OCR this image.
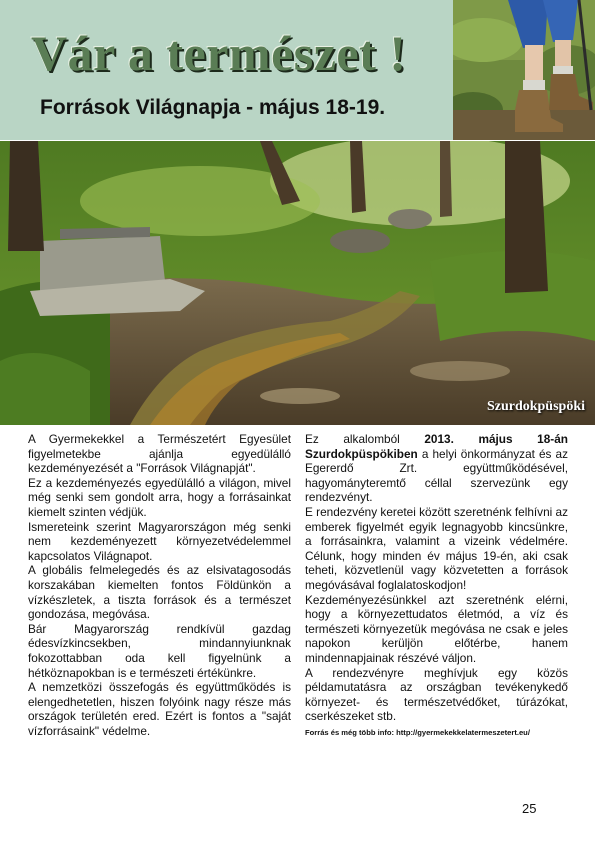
Vár a természet !
Források Világnapja - május 18-19.

Szurdokpüspöki

A Gyermekekkel a Természetért Egyesület figyelmetekbe ajánlja egyedülálló kezdeményezését a "Források Világnapját".

Ez a kezdeményezés egyedülálló a világon, mivel még senki sem gondolt arra, hogy a forrásainkat kiemelt szinten védjük.

Ismereteink szerint Magyarországon még senki nem kezdeményezett környezetvédelemmel kapcsolatos Világnapot.

A globális felmelegedés és az elsivatagosodás korszakában kiemelten fontos Földünkön a vízkészletek, a tiszta források és a természet gondozása, megóvása.

Bár Magyarország rendkívül gazdag édesvízkincsekben, mindannyiunknak fokozottabban oda kell figyelnünk a hétköznapokban is e természeti értékünkre.

A nemzetközi összefogás és együttműködés is elengedhetetlen, hiszen folyóink nagy része más országok területén ered. Ezért is fontos a "saját vízforrásaink" védelme.

Ez alkalomból 2013. május 18-án Szurdokpüspökiben a helyi önkormányzat és az Egererdő Zrt. együttműködésével, hagyományteremtő céllal szervezünk egy rendezvényt.

E rendezvény keretei között szeretnénk felhívni az emberek figyelmét egyik legnagyobb kincsünkre, a forrásainkra, valamint a vizeink védelmére. Célunk, hogy minden év május 19-én, aki csak teheti, közvetlenül vagy közvetetten a források megóvásával foglalatoskodjon!

Kezdeményezésünkkel azt szeretnénk elérni, hogy a környezettudatos életmód, a víz és természeti környezetük megóvása ne csak e jeles napokon kerüljön előtérbe, hanem mindennapjainak részévé váljon.

A rendezvényre meghívjuk egy közös példamutatásra az országban tevékenykedő környezet- és természetvédőket, túrázókat, cserkészeket stb.

Forrás és még több info: http://gyermekekkelatermeszetert.eu/

25
